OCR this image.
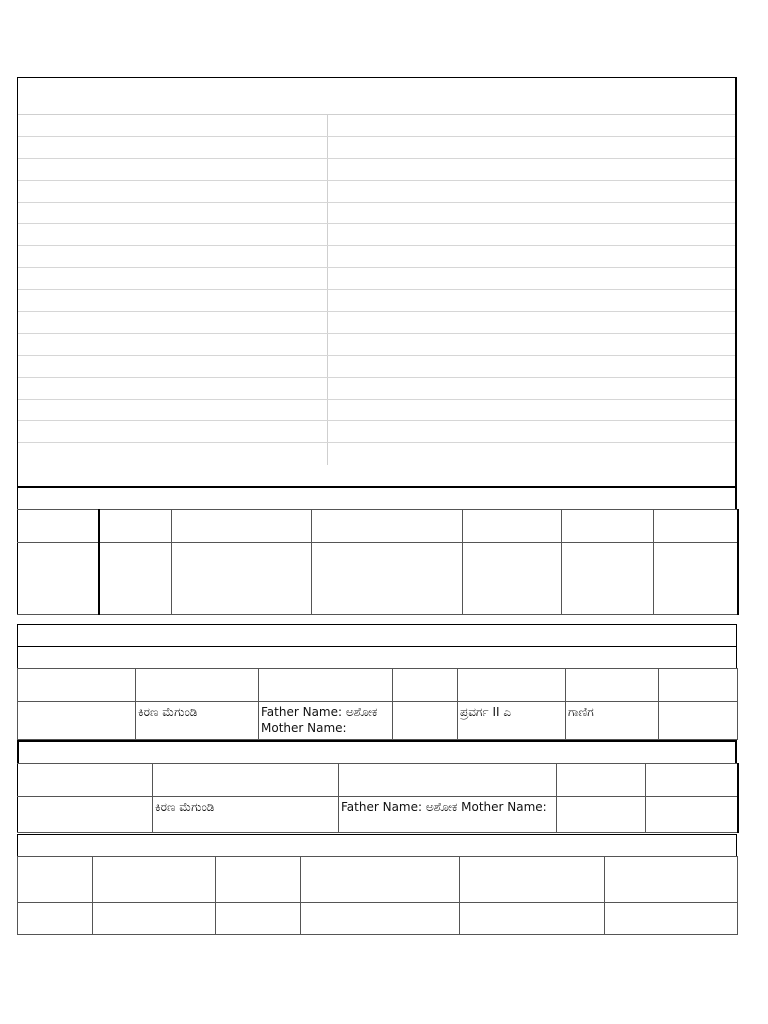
	ಕಿರಣ ಮೆಗುಂಡಿ	Father Name: ಅಶೋಕ Mother Name:		ಪ್ರವರ್ಗ II ಎ	ಗಾಣಿಗ	

	ಕಿರಣ ಮೆಗುಂಡಿ	Father Name: ಅಶೋಕ Mother Name:		
